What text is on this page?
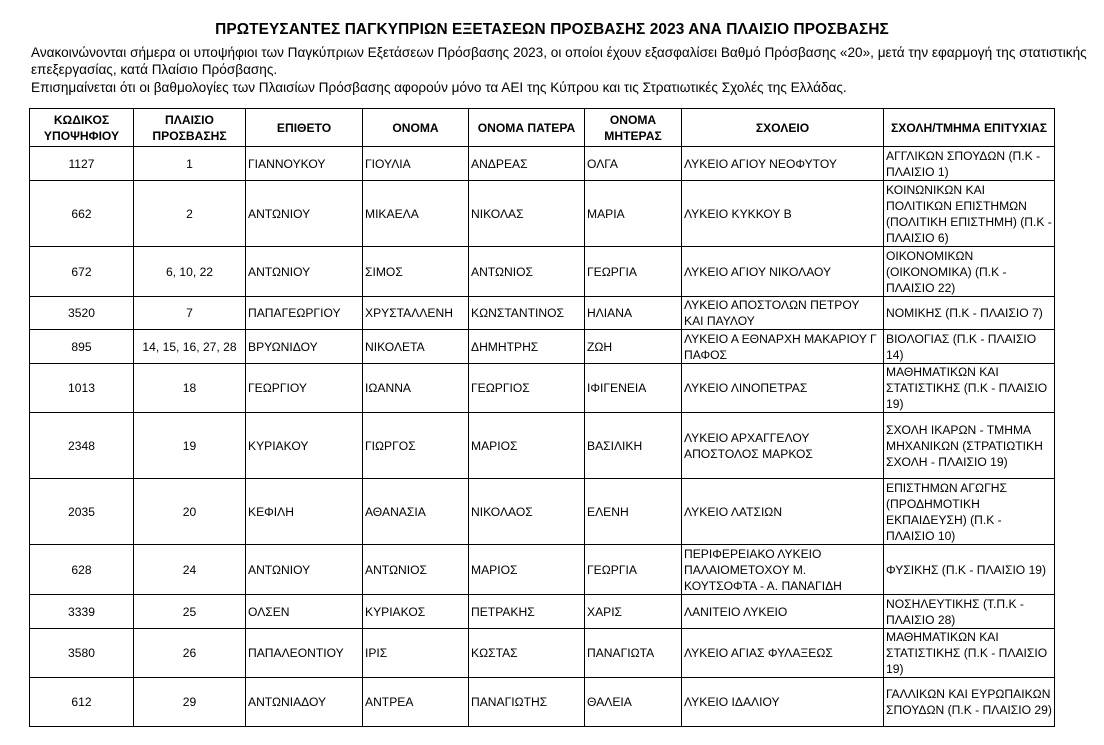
ΠΡΩΤΕΥΣΑΝΤΕΣ ΠΑΓΚΥΠΡΙΩΝ ΕΞΕΤΑΣΕΩΝ ΠΡΟΣΒΑΣΗΣ 2023 ΑΝΑ ΠΛΑΙΣΙΟ ΠΡΟΣΒΑΣΗΣ

Ανακοινώνονται σήμερα οι υποψήφιοι των Παγκύπριων Εξετάσεων Πρόσβασης 2023, οι οποίοι έχουν εξασφαλίσει Βαθμό Πρόσβασης «20», μετά την εφαρμογή της στατιστικής επεξεργασίας, κατά Πλαίσιο Πρόσβασης.

Επισημαίνεται ότι οι βαθμολογίες των Πλαισίων Πρόσβασης αφορούν μόνο τα ΑΕΙ της Κύπρου και τις Στρατιωτικές Σχολές της Ελλάδας.

ΚΩΔΙΚΟΣ ΥΠΟΨΗΦΙΟΥ	ΠΛΑΙΣΙΟ ΠΡΟΣΒΑΣΗΣ	ΕΠΙΘΕΤΟ	ΟΝΟΜΑ	ΟΝΟΜΑ ΠΑΤΕΡΑ	ΟΝΟΜΑ ΜΗΤΕΡΑΣ	ΣΧΟΛΕΙΟ	ΣΧΟΛΗ/ΤΜΗΜΑ ΕΠΙΤΥΧΙΑΣ
1127	1	ΓΙΑΝΝΟΥΚΟΥ	ΓΙΟΥΛΙΑ	ΑΝΔΡΕΑΣ	ΟΛΓΑ	ΛΥΚΕΙΟ ΑΓΙΟΥ ΝΕΟΦΥΤΟΥ	ΑΓΓΛΙΚΩΝ ΣΠΟΥΔΩΝ (Π.Κ - ΠΛΑΙΣΙΟ 1)
662	2	ΑΝΤΩΝΙΟΥ	ΜΙΚΑΕΛΑ	ΝΙΚΟΛΑΣ	ΜΑΡΙΑ	ΛΥΚΕΙΟ ΚΥΚΚΟΥ Β	ΚΟΙΝΩΝΙΚΩΝ ΚΑΙ ΠΟΛΙΤΙΚΩΝ ΕΠΙΣΤΗΜΩΝ (ΠΟΛΙΤΙΚΗ ΕΠΙΣΤΗΜΗ) (Π.Κ - ΠΛΑΙΣΙΟ 6)
672	6, 10, 22	ΑΝΤΩΝΙΟΥ	ΣΙΜΟΣ	ΑΝΤΩΝΙΟΣ	ΓΕΩΡΓΙΑ	ΛΥΚΕΙΟ ΑΓΙΟΥ ΝΙΚΟΛΑΟΥ	ΟΙΚΟΝΟΜΙΚΩΝ (ΟΙΚΟΝΟΜΙΚΑ) (Π.Κ - ΠΛΑΙΣΙΟ 22)
3520	7	ΠΑΠΑΓΕΩΡΓΙΟΥ	ΧΡΥΣΤΑΛΛΕΝΗ	ΚΩΝΣΤΑΝΤΙΝΟΣ	ΗΛΙΑΝΑ	ΛΥΚΕΙΟ ΑΠΟΣΤΟΛΩΝ ΠΕΤΡΟΥ ΚΑΙ ΠΑΥΛΟΥ	ΝΟΜΙΚΗΣ (Π.Κ - ΠΛΑΙΣΙΟ 7)
895	14, 15, 16, 27, 28	ΒΡΥΩΝΙΔΟΥ	ΝΙΚΟΛΕΤΑ	ΔΗΜΗΤΡΗΣ	ΖΩΗ	ΛΥΚΕΙΟ Α ΕΘΝΑΡΧΗ ΜΑΚΑΡΙΟΥ Γ ΠΑΦΟΣ	ΒΙΟΛΟΓΙΑΣ (Π.Κ - ΠΛΑΙΣΙΟ 14)
1013	18	ΓΕΩΡΓΙΟΥ	ΙΩΑΝΝΑ	ΓΕΩΡΓΙΟΣ	ΙΦΙΓΕΝΕΙΑ	ΛΥΚΕΙΟ ΛΙΝΟΠΕΤΡΑΣ	ΜΑΘΗΜΑΤΙΚΩΝ ΚΑΙ ΣΤΑΤΙΣΤΙΚΗΣ (Π.Κ - ΠΛΑΙΣΙΟ 19)
2348	19	ΚΥΡΙΑΚΟΥ	ΓΙΩΡΓΟΣ	ΜΑΡΙΟΣ	ΒΑΣΙΛΙΚΗ	ΛΥΚΕΙΟ ΑΡΧΑΓΓΕΛΟΥ ΑΠΟΣΤΟΛΟΣ ΜΑΡΚΟΣ	ΣΧΟΛΗ ΙΚΑΡΩΝ - ΤΜΗΜΑ ΜΗΧΑΝΙΚΩΝ (ΣΤΡΑΤΙΩΤΙΚΗ ΣΧΟΛΗ - ΠΛΑΙΣΙΟ 19)
2035	20	ΚΕΦΙΛΗ	ΑΘΑΝΑΣΙΑ	ΝΙΚΟΛΑΟΣ	ΕΛΕΝΗ	ΛΥΚΕΙΟ ΛΑΤΣΙΩΝ	ΕΠΙΣΤΗΜΩΝ ΑΓΩΓΗΣ (ΠΡΟΔΗΜΟΤΙΚΗ ΕΚΠΑΙΔΕΥΣΗ) (Π.Κ - ΠΛΑΙΣΙΟ 10)
628	24	ΑΝΤΩΝΙΟΥ	ΑΝΤΩΝΙΟΣ	ΜΑΡΙΟΣ	ΓΕΩΡΓΙΑ	ΠΕΡΙΦΕΡΕΙΑΚΟ ΛΥΚΕΙΟ ΠΑΛΑΙΟΜΕΤΟΧΟΥ Μ. ΚΟΥΤΣΟΦΤΑ - Α. ΠΑΝΑΓΙΔΗ	ΦΥΣΙΚΗΣ (Π.Κ - ΠΛΑΙΣΙΟ 19)
3339	25	ΟΛΣΕΝ	ΚΥΡΙΑΚΟΣ	ΠΕΤΡΑΚΗΣ	ΧΑΡΙΣ	ΛΑΝΙΤΕΙΟ ΛΥΚΕΙΟ	ΝΟΣΗΛΕΥΤΙΚΗΣ (Τ.Π.Κ - ΠΛΑΙΣΙΟ 28)
3580	26	ΠΑΠΑΛΕΟΝΤΙΟΥ	ΙΡΙΣ	ΚΩΣΤΑΣ	ΠΑΝΑΓΙΩΤΑ	ΛΥΚΕΙΟ ΑΓΙΑΣ ΦΥΛΑΞΕΩΣ	ΜΑΘΗΜΑΤΙΚΩΝ ΚΑΙ ΣΤΑΤΙΣΤΙΚΗΣ (Π.Κ - ΠΛΑΙΣΙΟ 19)
612	29	ΑΝΤΩΝΙΑΔΟΥ	ΑΝΤΡΕΑ	ΠΑΝΑΓΙΩΤΗΣ	ΘΑΛΕΙΑ	ΛΥΚΕΙΟ ΙΔΑΛΙΟΥ	ΓΑΛΛΙΚΩΝ ΚΑΙ ΕΥΡΩΠΑΙΚΩΝ ΣΠΟΥΔΩΝ (Π.Κ - ΠΛΑΙΣΙΟ 29)
